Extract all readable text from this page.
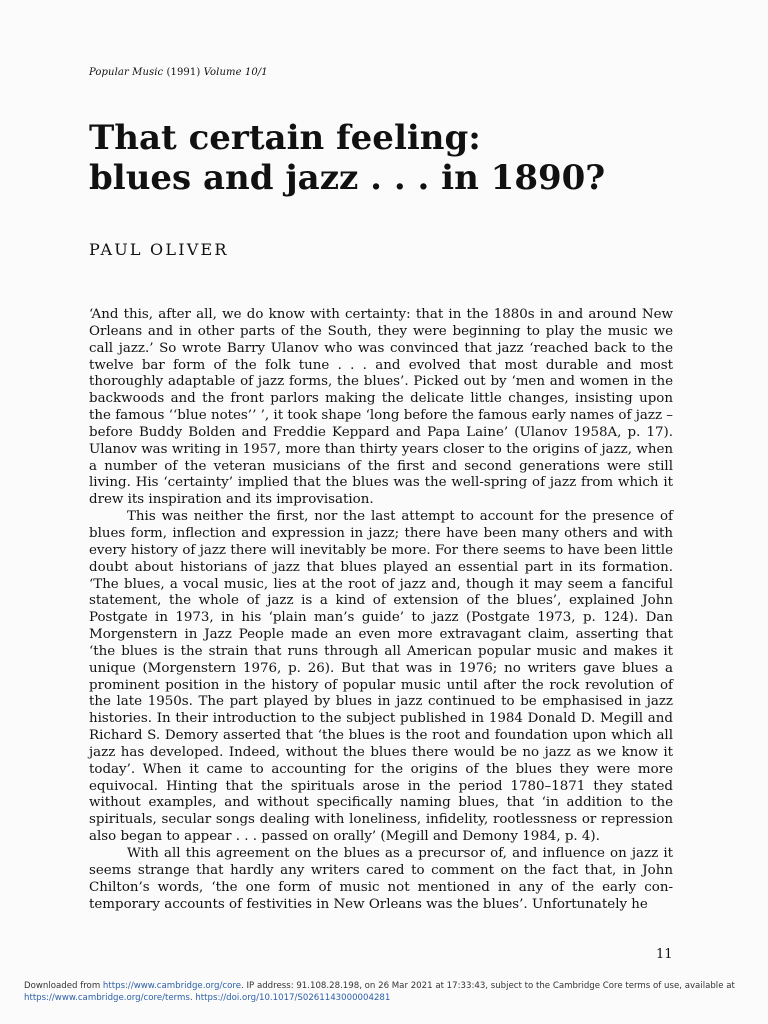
Popular Music (1991) Volume 10/1
That certain feeling:
blues and jazz . . . in 1890?
PAUL OLIVER

‘And this, after all, we do know with certainty: that in the 1880s in and around New Orleans and in other parts of the South, they were beginning to play the music we call jazz.’ So wrote Barry Ulanov who was convinced that jazz ‘reached back to the twelve bar form of the folk tune . . . and evolved that most durable and most thoroughly adaptable of jazz forms, the blues’. Picked out by ‘men and women in the backwoods and the front parlors making the delicate little changes, insisting upon the famous ‘‘blue notes’’ ’, it took shape ‘long before the famous early names of jazz – before Buddy Bolden and Freddie Keppard and Papa Laine’ (Ulanov 1958A, p. 17). Ulanov was writing in 1957, more than thirty years closer to the origins of jazz, when a number of the veteran musicians of the first and second generations were still living. His ‘certainty’ implied that the blues was the well-spring of jazz from which it drew its inspiration and its improvisation.

This was neither the first, nor the last attempt to account for the presence of blues form, inflection and expression in jazz; there have been many others and with every history of jazz there will inevitably be more. For there seems to have been little doubt about historians of jazz that blues played an essential part in its formation. ‘The blues, a vocal music, lies at the root of jazz and, though it may seem a fanciful statement, the whole of jazz is a kind of extension of the blues’, explained John Postgate in 1973, in his ‘plain man’s guide’ to jazz (Postgate 1973, p. 124). Dan Morgenstern in Jazz People made an even more extravagant claim, asserting that ‘the blues is the strain that runs through all American popular music and makes it unique (Morgenstern 1976, p. 26). But that was in 1976; no writers gave blues a prominent position in the history of popular music until after the rock revolution of the late 1950s. The part played by blues in jazz continued to be emphasised in jazz histories. In their introduction to the subject published in 1984 Donald D. Megill and Richard S. Demory asserted that ‘the blues is the root and foundation upon which all jazz has developed. Indeed, without the blues there would be no jazz as we know it today’. When it came to accounting for the origins of the blues they were more equivocal. Hinting that the spirituals arose in the period 1780–1871 they stated without examples, and without specifically naming blues, that ‘in addition to the spirituals, secular songs dealing with loneliness, infidelity, rootlessness or repression also began to appear . . . passed on orally’ (Megill and Demony 1984, p. 4).

With all this agreement on the blues as a precursor of, and influence on jazz it seems strange that hardly any writers cared to comment on the fact that, in John Chilton’s words, ‘the one form of music not mentioned in any of the early con-temporary accounts of festivities in New Orleans was the blues’. Unfortunately he

11
Downloaded from https://www.cambridge.org/core. IP address: 91.108.28.198, on 26 Mar 2021 at 17:33:43, subject to the Cambridge Core terms of use, available at
https://www.cambridge.org/core/terms. https://doi.org/10.1017/S0261143000004281
